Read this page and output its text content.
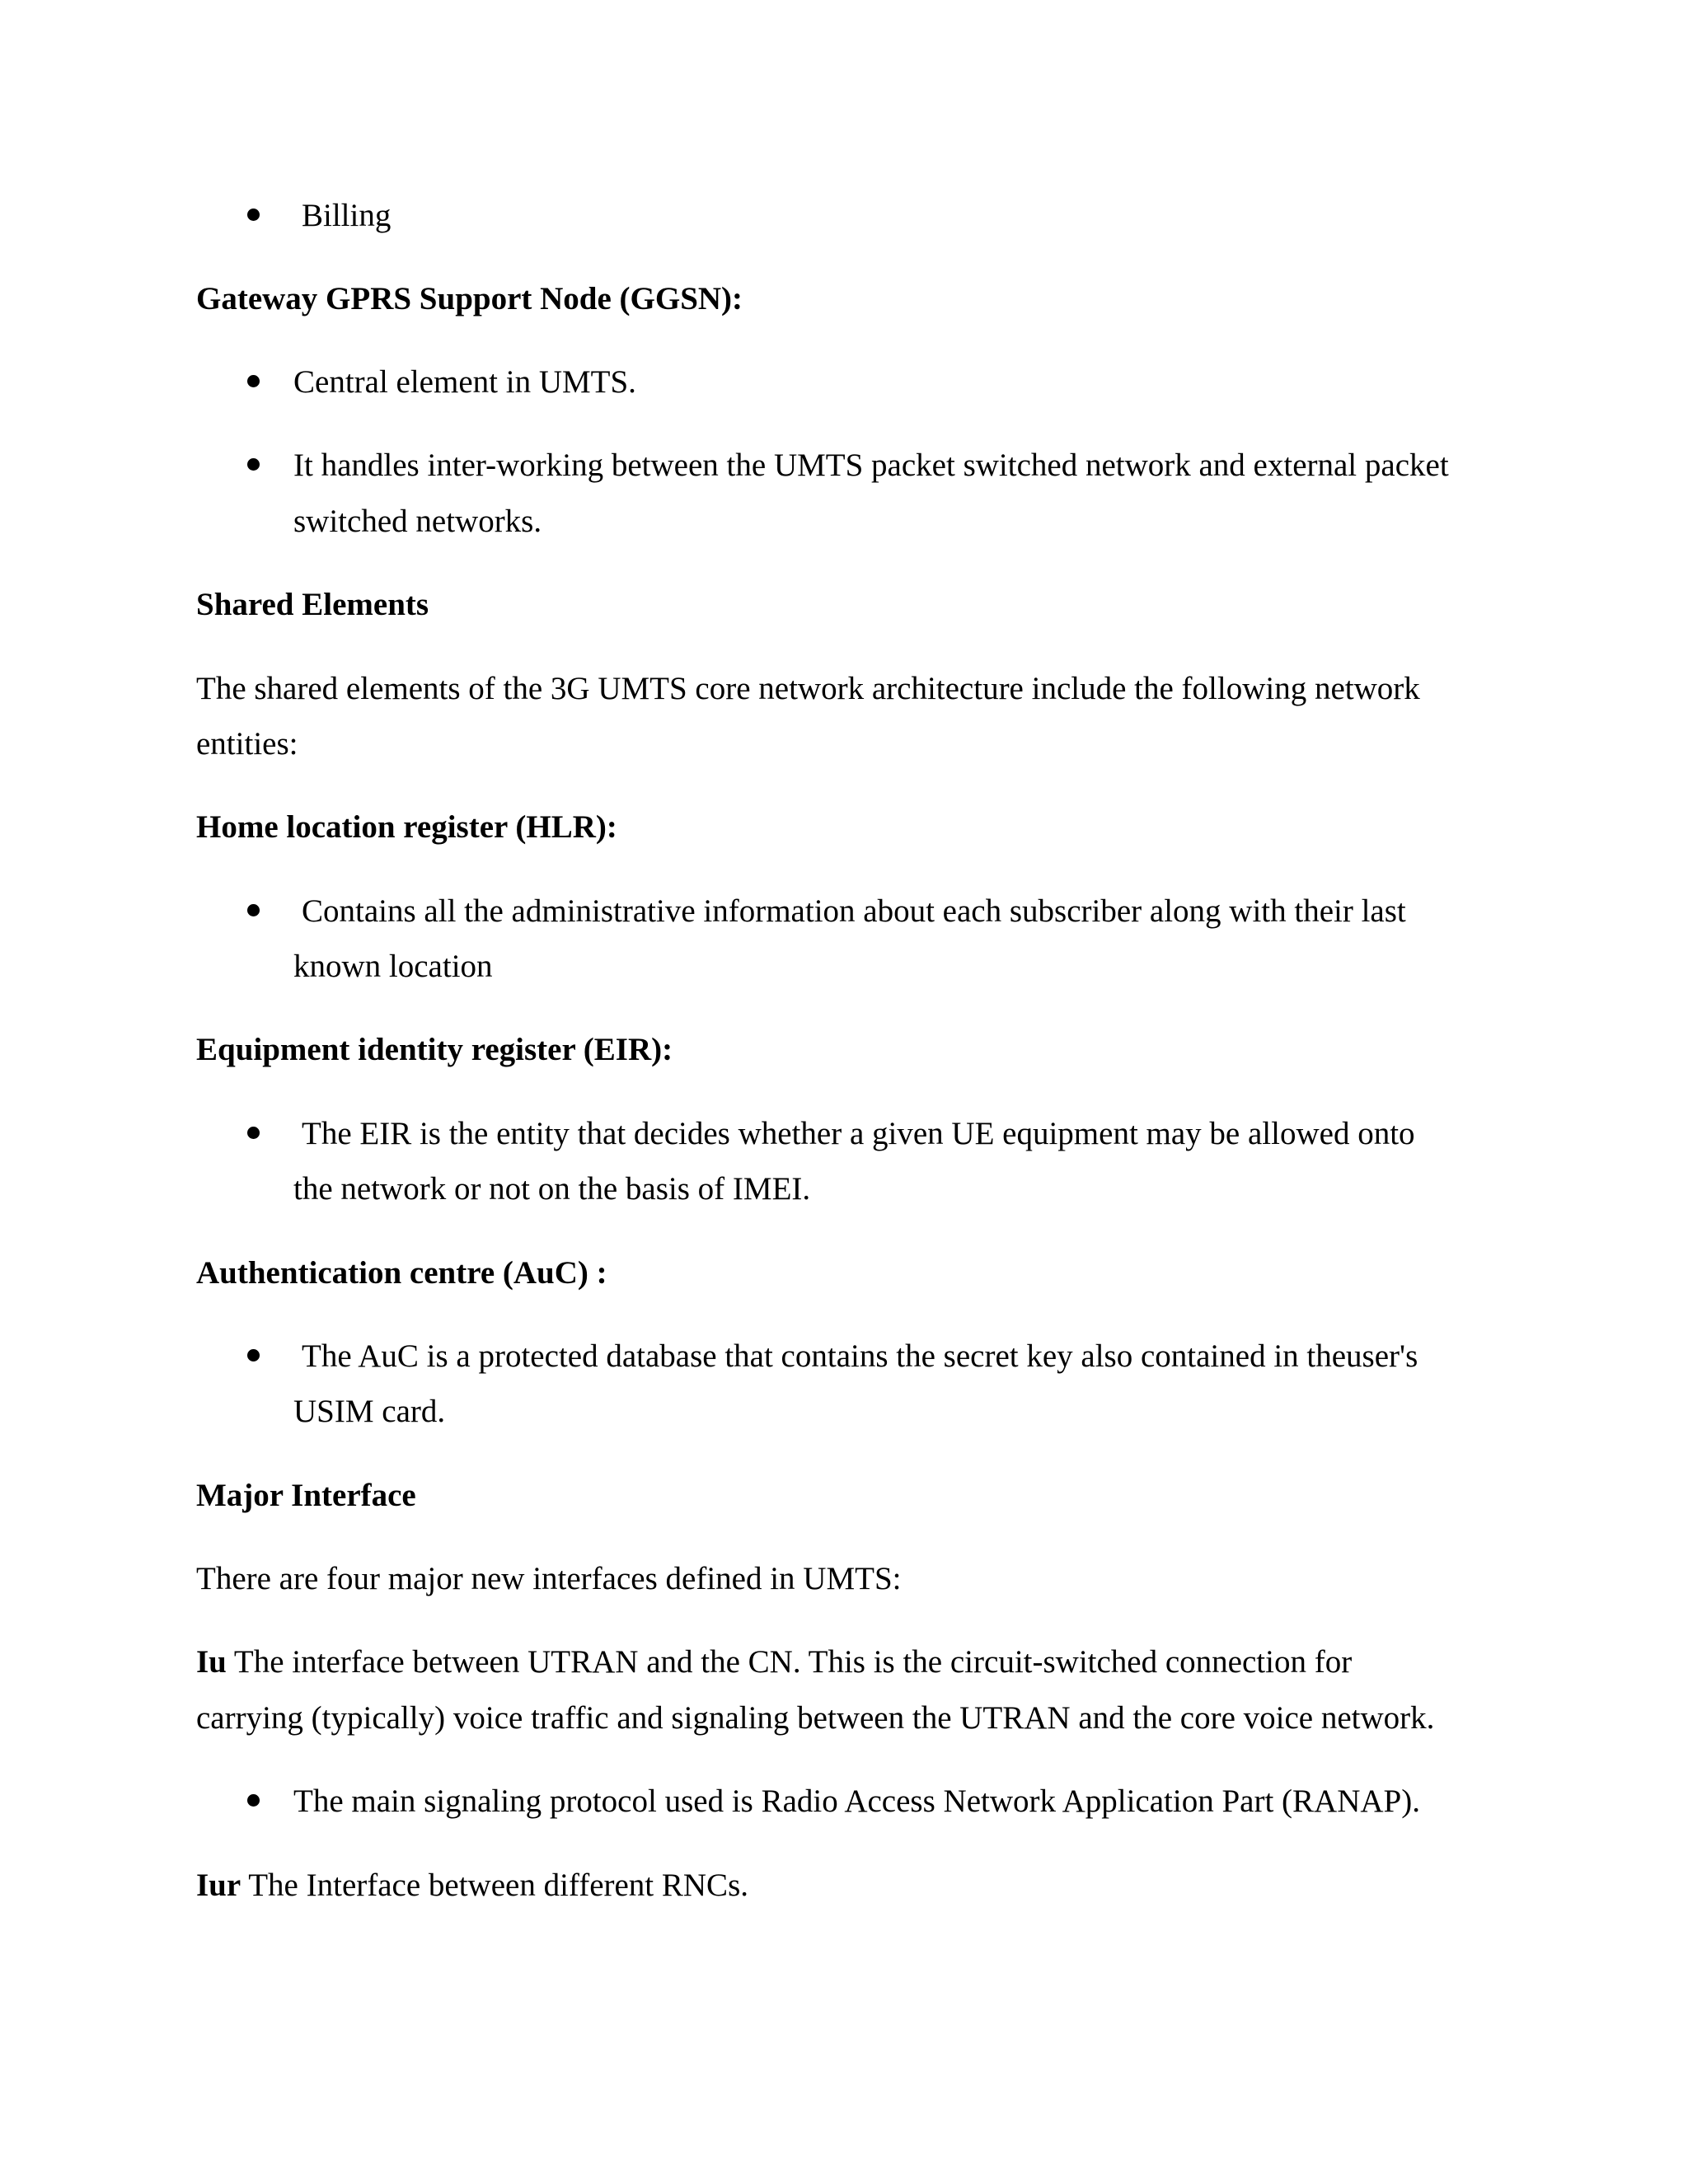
Billing
Gateway GPRS Support Node (GGSN):
Central element in UMTS.
It handles inter-working between the UMTS packet switched network and external packet
switched networks.
Shared Elements
The shared elements of the 3G UMTS core network architecture include the following network
entities:
Home location register (HLR):
Contains all the administrative information about each subscriber along with their last
known location
Equipment identity register (EIR):
The EIR is the entity that decides whether a given UE equipment may be allowed onto
the network or not on the basis of IMEI.
Authentication centre (AuC) :
The AuC is a protected database that contains the secret key also contained in theuser's
USIM card.
Major Interface
There are four major new interfaces defined in UMTS:
Iu The interface between UTRAN and the CN. This is the circuit-switched connection for
carrying (typically) voice traffic and signaling between the UTRAN and the core voice network.
The main signaling protocol used is Radio Access Network Application Part (RANAP).
Iur The Interface between different RNCs.
